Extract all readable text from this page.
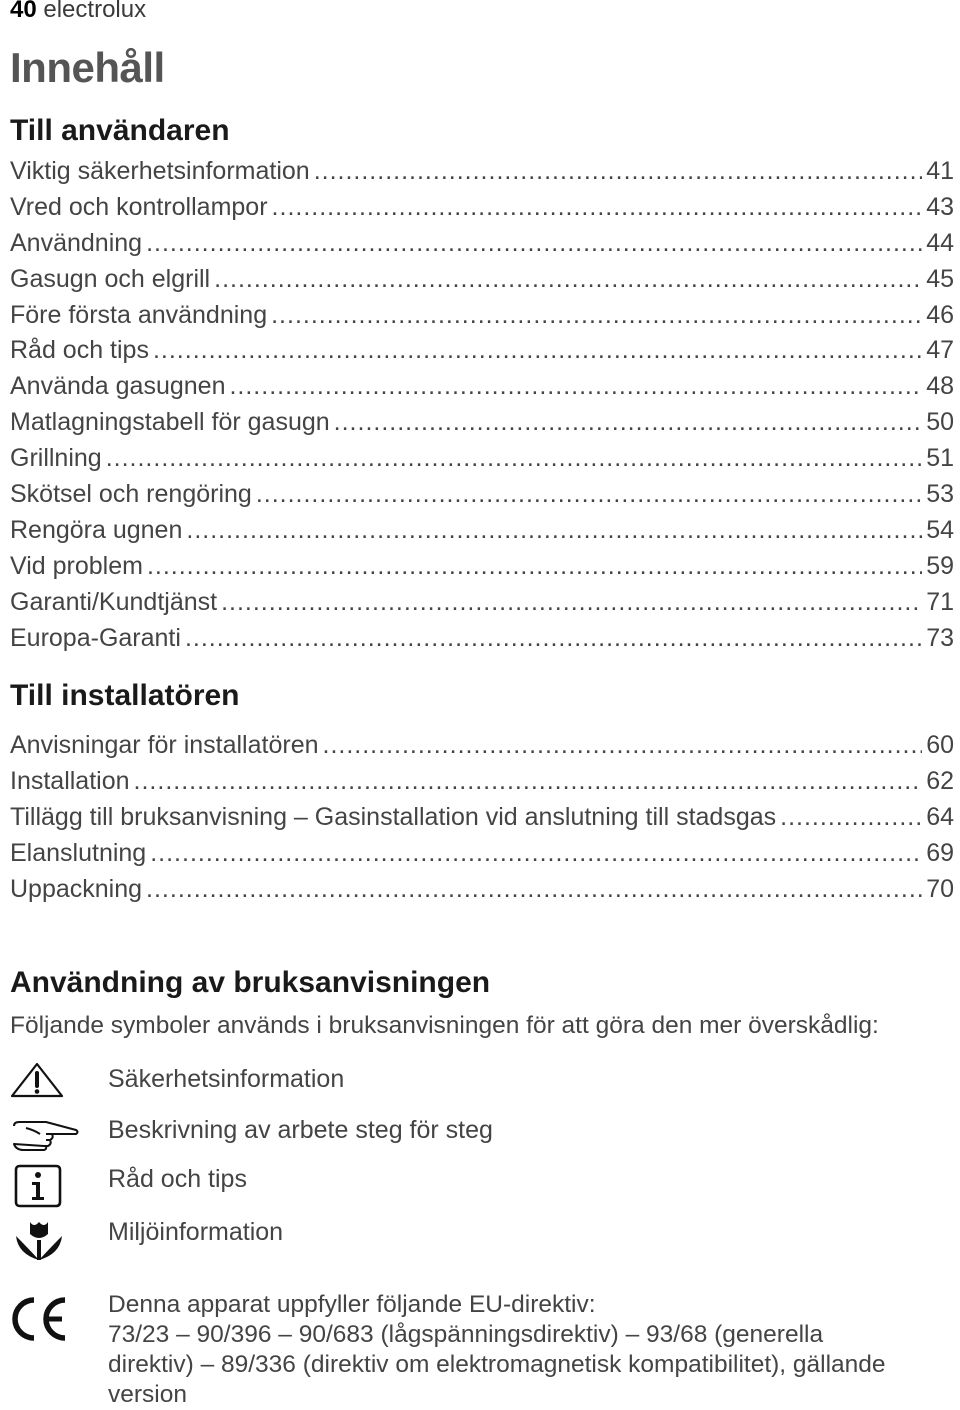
40 electrolux
Innehåll
Till användaren
Viktig säkerhetsinformation .....	41
Vred och kontrollampor .....	43
Användning .....	44
Gasugn och elgrill .....	45
Före första användning .....	46
Råd och tips .....	47
Använda gasugnen .....	48
Matlagningstabell för gasugn .....	50
Grillning .....	51
Skötsel och rengöring .....	53
Rengöra ugnen .....	54
Vid problem .....	59
Garanti/Kundtjänst .....	71
Europa-Garanti .....	73
Till installatören
Anvisningar för installatören .....	60
Installation .....	62
Tillägg till bruksanvisning – Gasinstallation vid anslutning till stadsgas .....	64
Elanslutning .....	69
Uppackning .....	70
Användning av bruksanvisningen
Följande symboler används i bruksanvisningen för att göra den mer överskådlig:
Säkerhetsinformation
Beskrivning av arbete steg för steg
Råd och tips
Miljöinformation
Denna apparat uppfyller följande EU-direktiv:
73/23 – 90/396 – 90/683 (lågspänningsdirektiv) – 93/68 (generella
direktiv) – 89/336 (direktiv om elektromagnetisk kompatibilitet), gällande
version
